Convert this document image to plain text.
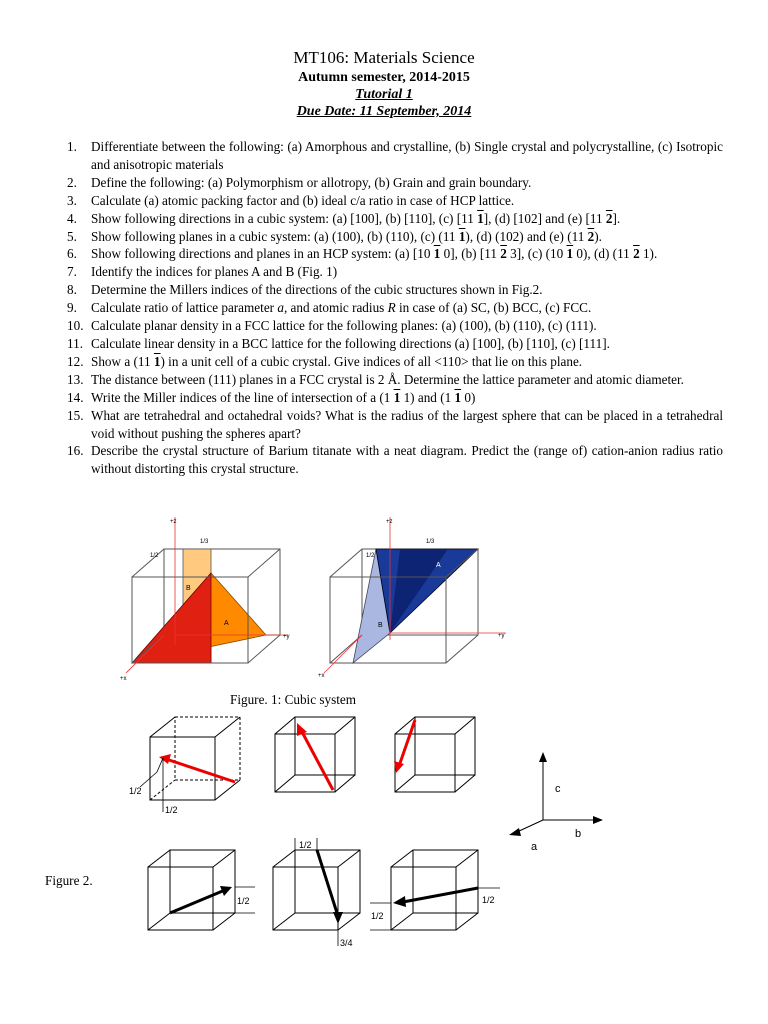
MT106: Materials Science
Autumn semester, 2014-2015
Tutorial 1
Due Date: 11 September, 2014
1. Differentiate between the following: (a) Amorphous and crystalline, (b) Single crystal and polycrystalline, (c) Isotropic and anisotropic materials
2. Define the following: (a) Polymorphism or allotropy, (b) Grain and grain boundary.
3. Calculate (a) atomic packing factor and (b) ideal c/a ratio in case of HCP lattice.
4. Show following directions in a cubic system: (a) [100], (b) [110], (c) [11 1], (d) [102] and (e) [11 2].
5. Show following planes in a cubic system: (a) (100), (b) (110), (c) (11 1), (d) (102) and (e) (11 2).
6. Show following directions and planes in an HCP system: (a) [10 1 0], (b) [11 2 3], (c) (10 1 0), (d) (11 2 1).
7. Identify the indices for planes A and B (Fig. 1)
8. Determine the Millers indices of the directions of the cubic structures shown in Fig.2.
9. Calculate ratio of lattice parameter a, and atomic radius R in case of (a) SC, (b) BCC, (c) FCC.
10. Calculate planar density in a FCC lattice for the following planes: (a) (100), (b) (110), (c) (111).
11. Calculate linear density in a BCC lattice for the following directions (a) [100], (b) [110], (c) [111].
12. Show a (11 1) in a unit cell of a cubic crystal. Give indices of all <110> that lie on this plane.
13. The distance between (111) planes in a FCC crystal is 2 Å. Determine the lattice parameter and atomic diameter.
14. Write the Miller indices of the line of intersection of a (1 1 1) and (1 1 0)
15. What are tetrahedral and octahedral voids? What is the radius of the largest sphere that can be placed in a tetrahedral void without pushing the spheres apart?
16. Describe the crystal structure of Barium titanate with a neat diagram. Predict the (range of) cation-anion radius ratio without distorting this crystal structure.
+z
+y
+x
1/2
1/3
B
A
+z
+y
+x
1/2
1/3
A
B
Figure. 1: Cubic system
1/2
1/2
c
b
a
Figure 2.
1/2
1/2
3/4
1/2
1/2
